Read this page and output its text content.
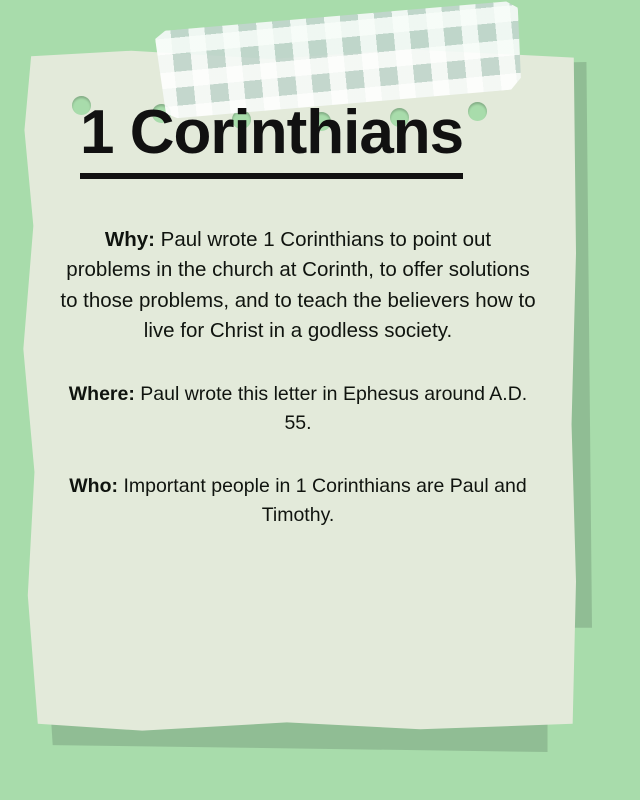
1 Corinthians

Why: Paul wrote 1 Corinthians to point out problems in the church at Corinth, to offer solutions to those problems, and to teach the believers how to live for Christ in a godless society.

Where: Paul wrote this letter in Ephesus around A.D. 55.

Who: Important people in 1 Corinthians are Paul and Timothy.
